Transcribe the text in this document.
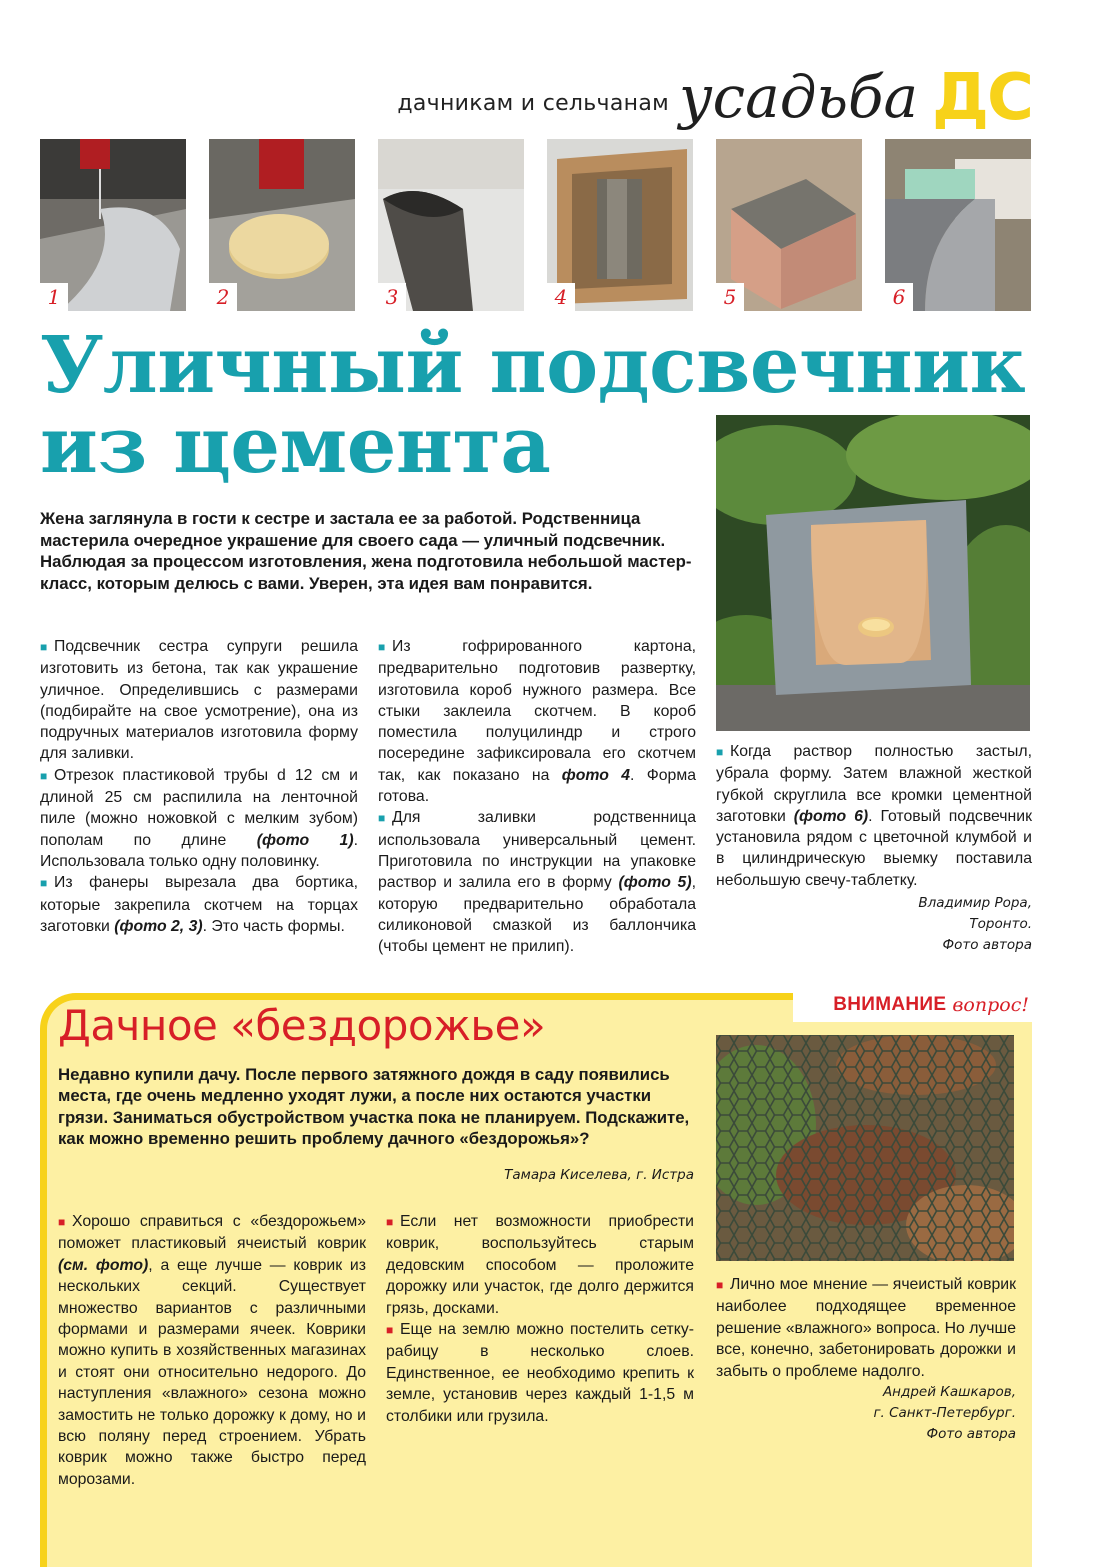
дачникам и сельчанам усадьба ДС
1	2	3	4	5	6
Уличный подсвечник
из цемента
Жена заглянула в гости к сестре и застала ее за работой. Родственница мастерила очередное украшение для своего сада — уличный подсвечник. Наблюдая за процессом изготовления, жена подготовила небольшой мастер-класс, которым делюсь с вами. Уверен, эта идея вам понравится.

■ Подсвечник сестра супруги решила изготовить из бетона, так как украшение уличное. Определившись с размерами (подбирайте на свое усмотрение), она из подручных материалов изготовила форму для заливки.

■ Отрезок пластиковой трубы d 12 см и длиной 25 см распилила на ленточной пиле (можно ножовкой с мелким зубом) пополам по длине (фото 1). Использовала только одну половинку.

■ Из фанеры вырезала два бортика, которые закрепила скотчем на торцах заготовки (фото 2, 3). Это часть формы.

■ Из гофрированного картона, предварительно подготовив развертку, изготовила короб нужного размера. Все стыки заклеила скотчем. В короб поместила полуцилиндр и строго посередине зафиксировала его скотчем так, как показано на фото 4. Форма готова.

■ Для заливки родственница использовала универсальный цемент. Приготовила по инструкции на упаковке раствор и залила его в форму (фото 5), которую предварительно обработала силиконовой смазкой из баллончика (чтобы цемент не прилип).

■ Когда раствор полностью застыл, убрала форму. Затем влажной жесткой губкой скруглила все кромки цементной заготовки (фото 6). Готовый подсвечник установила рядом с цветочной клумбой и в цилиндрическую выемку поставила небольшую свечу-таблетку.

Владимир Рора,
Торонто.
Фото автора
ВНИМАНИЕ вопрос!
Дачное «бездорожье»
Недавно купили дачу. После первого затяжного дождя в саду появились места, где очень медленно уходят лужи, а после них остаются участки грязи. Заниматься обустройством участка пока не планируем. Подскажите, как можно временно решить проблему дачного «бездорожья»?
Тамара Киселева, г. Истра

■ Хорошо справиться с «бездорожьем» поможет пластиковый ячеистый коврик (см. фото), а еще лучше — коврик из нескольких секций. Существует множество вариантов с различными формами и размерами ячеек. Коврики можно купить в хозяйственных магазинах и стоят они относительно недорого. До наступления «влажного» сезона можно замостить не только дорожку к дому, но и всю поляну перед строением. Убрать коврик можно также быстро перед морозами.

■ Если нет возможности приобрести коврик, воспользуйтесь старым дедовским способом — проложите дорожку или участок, где долго держится грязь, досками.

■ Еще на землю можно постелить сетку-рабицу в несколько слоев. Единственное, ее необходимо крепить к земле, установив через каждый 1-1,5 м столбики или грузила.

■ Лично мое мнение — ячеистый коврик наиболее подходящее временное решение «влажного» вопроса. Но лучше все, конечно, забетонировать дорожки и забыть о проблеме надолго.

Андрей Кашкаров,
г. Санкт-Петербург.
Фото автора
